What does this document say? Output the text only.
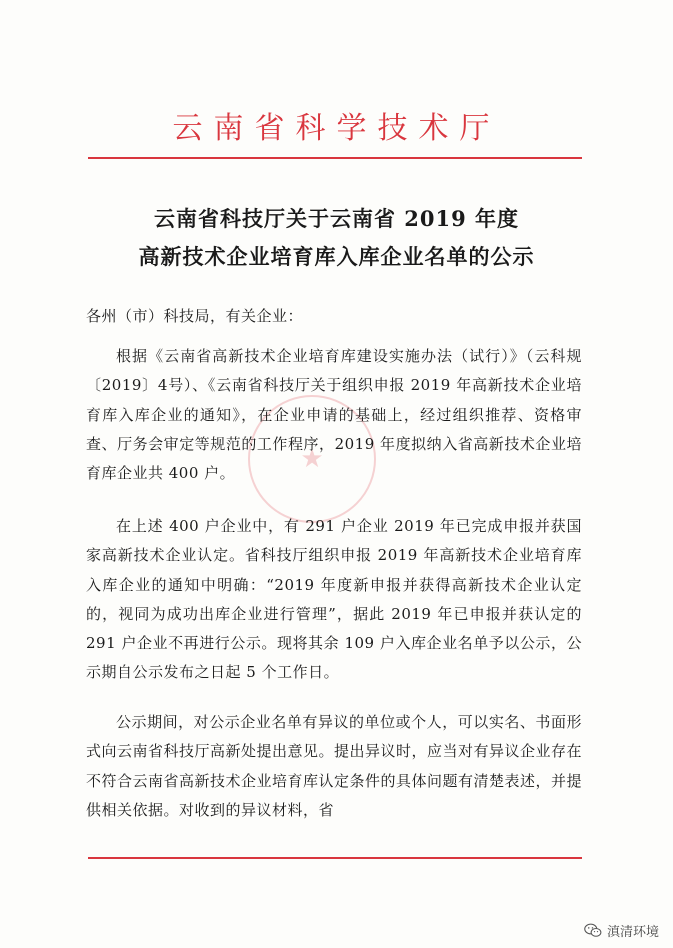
云南省科学技术厅
云南省科技厅关于云南省 2019 年度
高新技术企业培育库入库企业名单的公示
★
各州（市）科技局，有关企业：

根据《云南省高新技术企业培育库建设实施办法（试行）》（云科规〔2019〕4号）、《云南省科技厅关于组织申报 2019 年高新技术企业培育库入库企业的通知》，在企业申请的基础上，经过组织推荐、资格审查、厅务会审定等规范的工作程序，2019 年度拟纳入省高新技术企业培育库企业共 400 户。

在上述 400 户企业中，有 291 户企业 2019 年已完成申报并获国家高新技术企业认定。省科技厅组织申报 2019 年高新技术企业培育库入库企业的通知中明确：“2019 年度新申报并获得高新技术企业认定的，视同为成功出库企业进行管理”，据此 2019 年已申报并获认定的 291 户企业不再进行公示。现将其余 109 户入库企业名单予以公示，公示期自公示发布之日起 5 个工作日。

公示期间，对公示企业名单有异议的单位或个人，可以实名、书面形式向云南省科技厅高新处提出意见。提出异议时，应当对有异议企业存在不符合云南省高新技术企业培育库认定条件的具体问题有清楚表述，并提供相关依据。对收到的异议材料，省

滇清环境
